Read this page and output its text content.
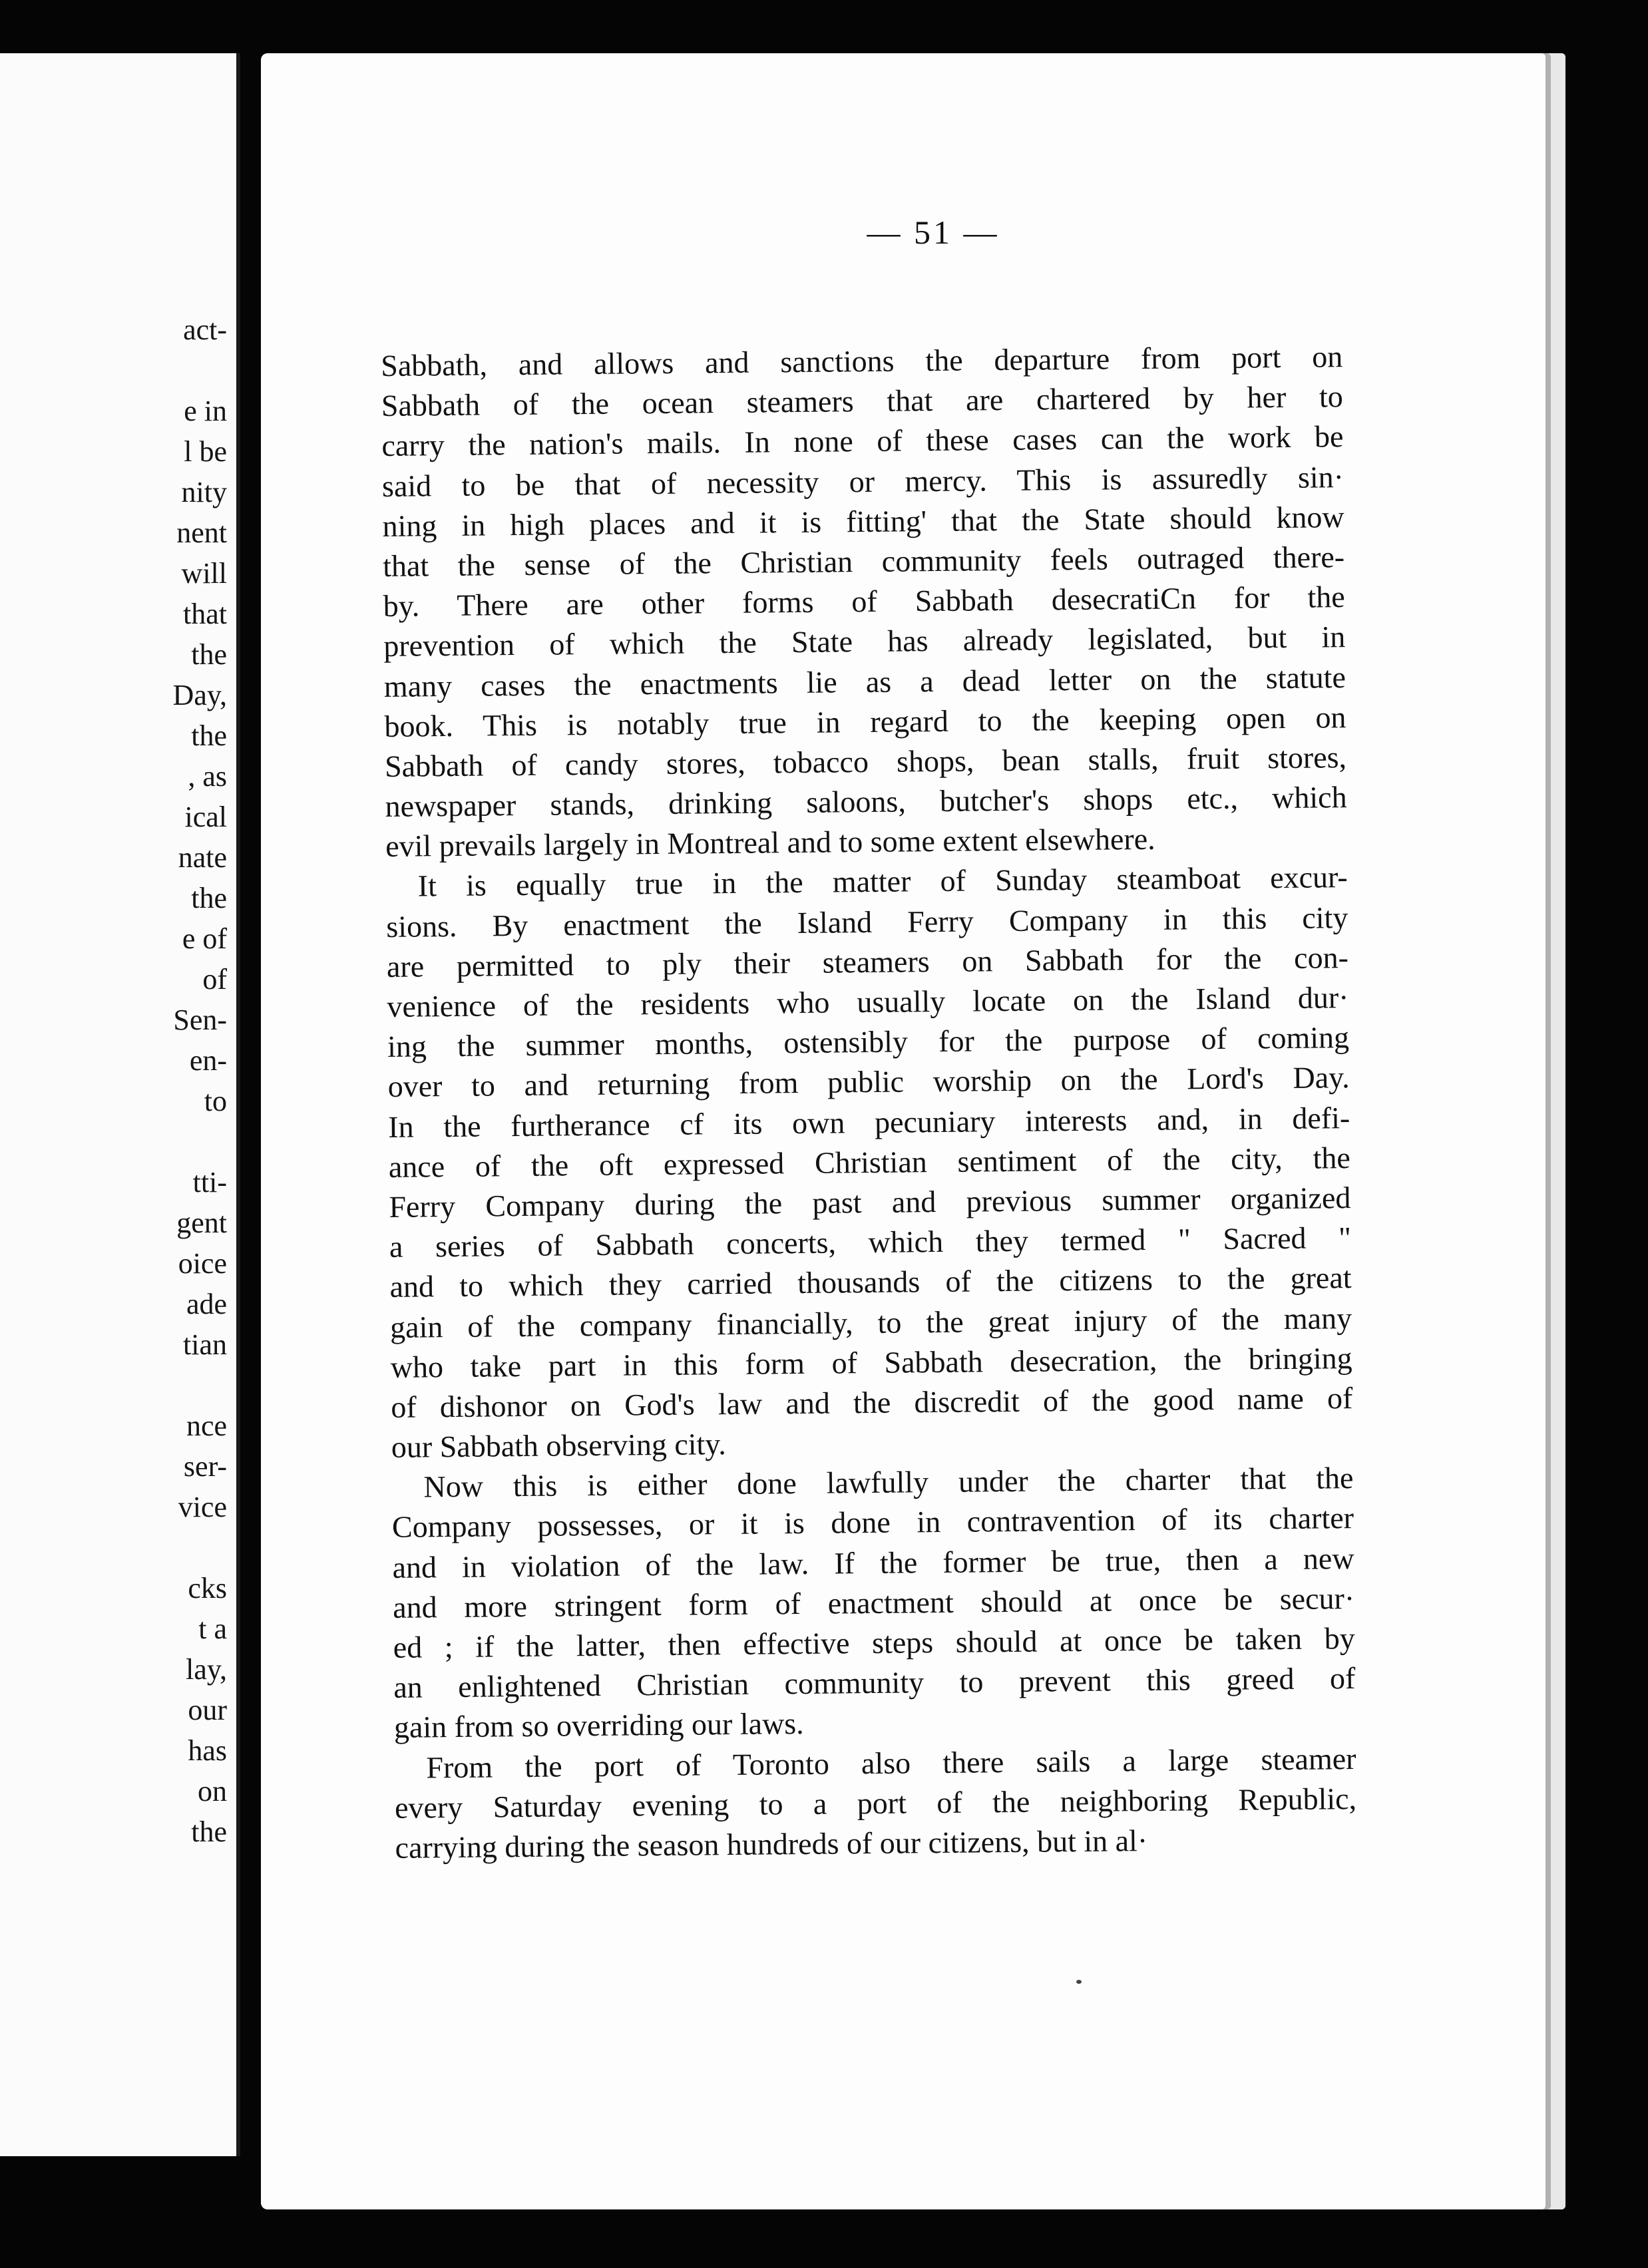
act-
e in
l be
nity
nent
will
that
the
Day,
the
, as
ical
nate
the
e of
of
Sen-
en-
to
tti-
gent
oice
ade
tian
nce
ser-
vice
cks
t a
lay,
our
has
on
the
— 51 —
Sabbath, and allows and sanctions the departure from port on
Sabbath of the ocean steamers that are chartered by her to
carry the nation's mails. In none of these cases can the work be
said to be that of necessity or mercy. This is assuredly sin·
ning in high places and it is fitting' that the State should know
that the sense of the Christian community feels outraged there-
by. There are other forms of Sabbath desecratiCn for the
prevention of which the State has already legislated, but in
many cases the enactments lie as a dead letter on the statute
book. This is notably true in regard to the keeping open on
Sabbath of candy stores, tobacco shops, bean stalls, fruit stores,
newspaper stands, drinking saloons, butcher's shops etc., which
evil prevails largely in Montreal and to some extent elsewhere.
It is equally true in the matter of Sunday steamboat excur-
sions. By enactment the Island Ferry Company in this city
are permitted to ply their steamers on Sabbath for the con-
venience of the residents who usually locate on the Island dur·
ing the summer months, ostensibly for the purpose of coming
over to and returning from public worship on the Lord's Day.
In the furtherance cf its own pecuniary interests and, in defi-
ance of the oft expressed Christian sentiment of the city, the
Ferry Company during the past and previous summer organized
a series of Sabbath concerts, which they termed " Sacred "
and to which they carried thousands of the citizens to the great
gain of the company financially, to the great injury of the many
who take part in this form of Sabbath desecration, the bringing
of dishonor on God's law and the discredit of the good name of
our Sabbath observing city.
Now this is either done lawfully under the charter that the
Company possesses, or it is done in contravention of its charter
and in violation of the law. If the former be true, then a new
and more stringent form of enactment should at once be secur·
ed ; if the latter, then effective steps should at once be taken by
an enlightened Christian community to prevent this greed of
gain from so overriding our laws.
From the port of Toronto also there sails a large steamer
every Saturday evening to a port of the neighboring Republic,
carrying during the season hundreds of our citizens, but in al·
